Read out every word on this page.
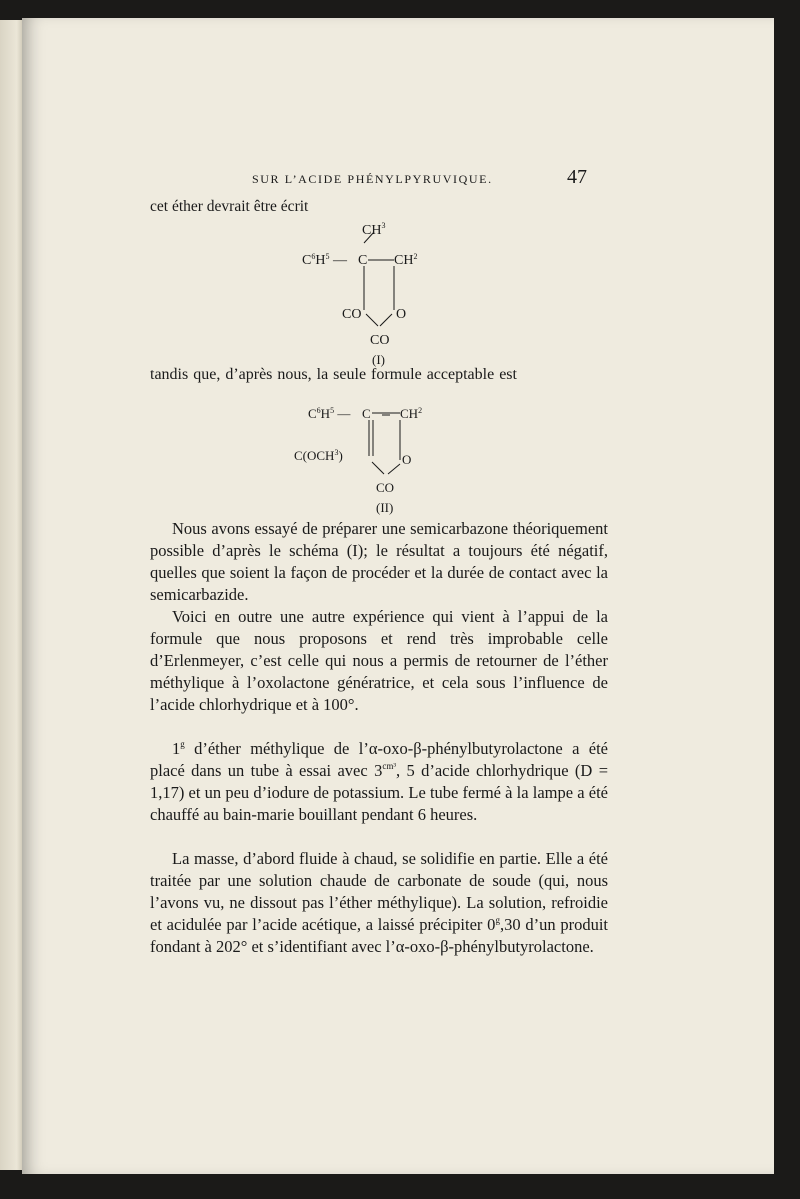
SUR L’ACIDE PHÉNYLPYRUVIQUE.	47
cet éther devrait être écrit
$CH^3$
$C^6H^5$ — C $CH^2$
CO O
CO
(I)
tandis que, d’après nous, la seule formule acceptable est
$C^6H^5$ — C $CH^2$
C(OCH$^3$)	O
CO
(II)

Nous avons essayé de préparer une semicarbazone théoriquement possible d’après le schéma (I); le résultat a toujours été négatif, quelles que soient la façon de procéder et la durée de contact avec la semicarbazide.

Voici en outre une autre expérience qui vient à l’appui de la formule que nous proposons et rend très improbable celle d’Erlenmeyer, c’est celle qui nous a permis de retourner de l’éther méthylique à l’oxolactone génératrice, et cela sous l’influence de l’acide chlorhydrique et à 100°.

1$^g$ d’éther méthylique de l’α-oxo-β-phénylbutyrolactone a été placé dans un tube à essai avec $3^{cm^3}$, 5 d’acide chlorhydrique (D = 1,17) et un peu d’iodure de potassium. Le tube fermé à la lampe a été chauffé au bain-marie bouillant pendant 6 heures.

La masse, d’abord fluide à chaud, se solidifie en partie. Elle a été traitée par une solution chaude de carbonate de soude (qui, nous l’avons vu, ne dissout pas l’éther méthylique). La solution, refroidie et acidulée par l’acide acétique, a laissé précipiter 0$^g$,30 d’un produit fondant à 202° et s’identifiant avec l’α-oxo-β-phénylbutyrolactone.
